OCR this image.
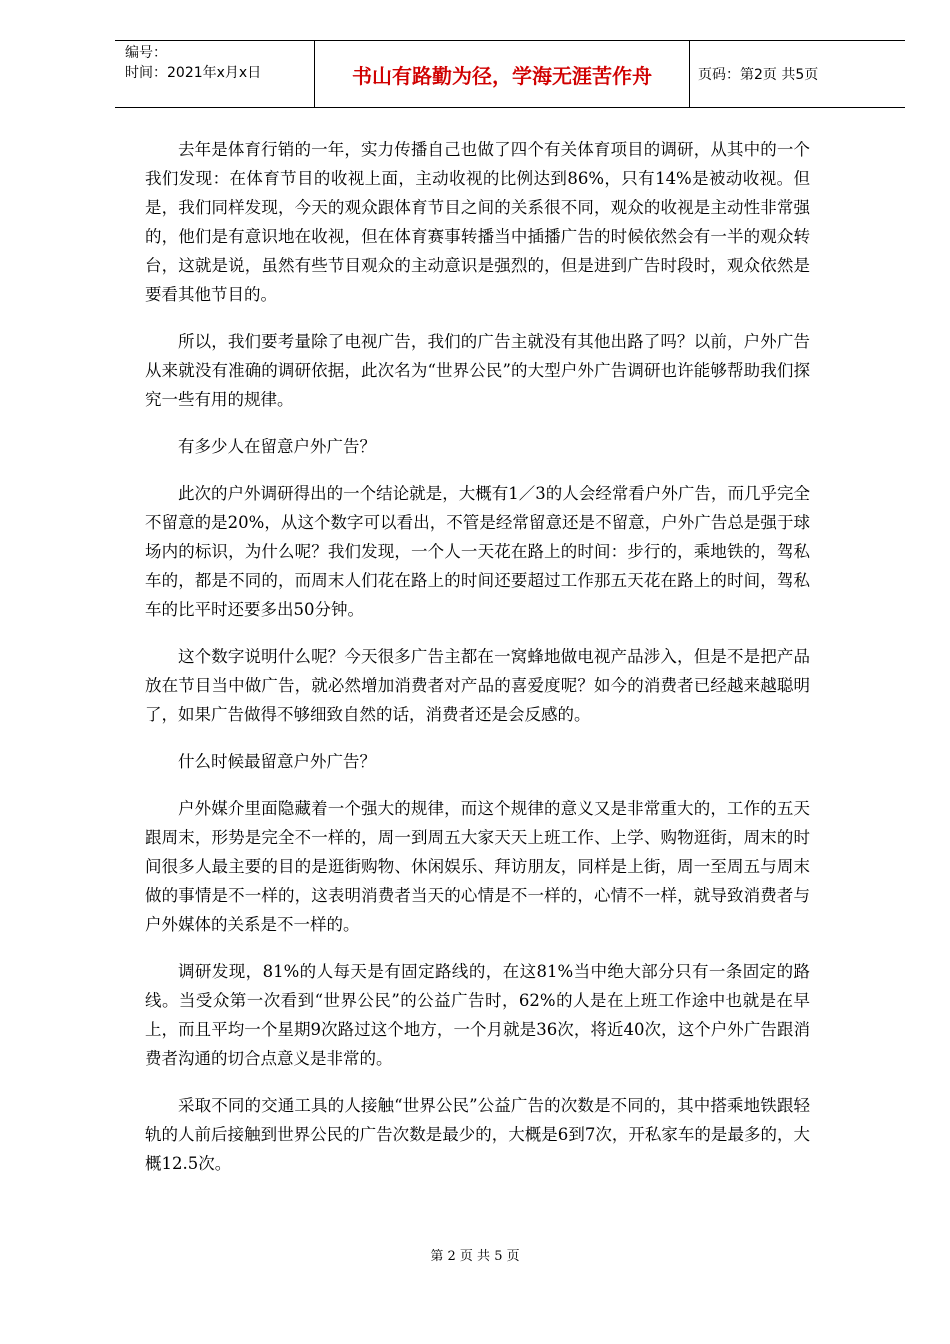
编号：
时间：2021年x月x日	书山有路勤为径，学海无涯苦作舟	页码：第2页 共5页

去年是体育行销的一年，实力传播自己也做了四个有关体育项目的调研，从其中的一个我们发现：在体育节目的收视上面，主动收视的比例达到86%，只有14%是被动收视。但是，我们同样发现，今天的观众跟体育节目之间的关系很不同，观众的收视是主动性非常强的，他们是有意识地在收视，但在体育赛事转播当中插播广告的时候依然会有一半的观众转台，这就是说，虽然有些节目观众的主动意识是强烈的，但是进到广告时段时，观众依然是要看其他节目的。

所以，我们要考量除了电视广告，我们的广告主就没有其他出路了吗？以前，户外广告从来就没有准确的调研依据，此次名为“世界公民”的大型户外广告调研也许能够帮助我们探究一些有用的规律。

有多少人在留意户外广告？

此次的户外调研得出的一个结论就是，大概有1／3的人会经常看户外广告，而几乎完全不留意的是20%，从这个数字可以看出，不管是经常留意还是不留意，户外广告总是强于球场内的标识，为什么呢？我们发现，一个人一天花在路上的时间：步行的，乘地铁的，驾私车的，都是不同的，而周末人们花在路上的时间还要超过工作那五天花在路上的时间，驾私车的比平时还要多出50分钟。

这个数字说明什么呢？今天很多广告主都在一窝蜂地做电视产品涉入，但是不是把产品放在节目当中做广告，就必然增加消费者对产品的喜爱度呢？如今的消费者已经越来越聪明了，如果广告做得不够细致自然的话，消费者还是会反感的。

什么时候最留意户外广告？

户外媒介里面隐藏着一个强大的规律，而这个规律的意义又是非常重大的，工作的五天跟周末，形势是完全不一样的，周一到周五大家天天上班工作、上学、购物逛街，周末的时间很多人最主要的目的是逛街购物、休闲娱乐、拜访朋友，同样是上街，周一至周五与周末做的事情是不一样的，这表明消费者当天的心情是不一样的，心情不一样，就导致消费者与户外媒体的关系是不一样的。

调研发现，81%的人每天是有固定路线的，在这81%当中绝大部分只有一条固定的路线。当受众第一次看到“世界公民”的公益广告时，62%的人是在上班工作途中也就是在早上，而且平均一个星期9次路过这个地方，一个月就是36次，将近40次，这个户外广告跟消费者沟通的切合点意义是非常的。

采取不同的交通工具的人接触“世界公民”公益广告的次数是不同的，其中搭乘地铁跟轻轨的人前后接触到世界公民的广告次数是最少的，大概是6到7次，开私家车的是最多的，大概12.5次。

第 2 页 共 5 页
